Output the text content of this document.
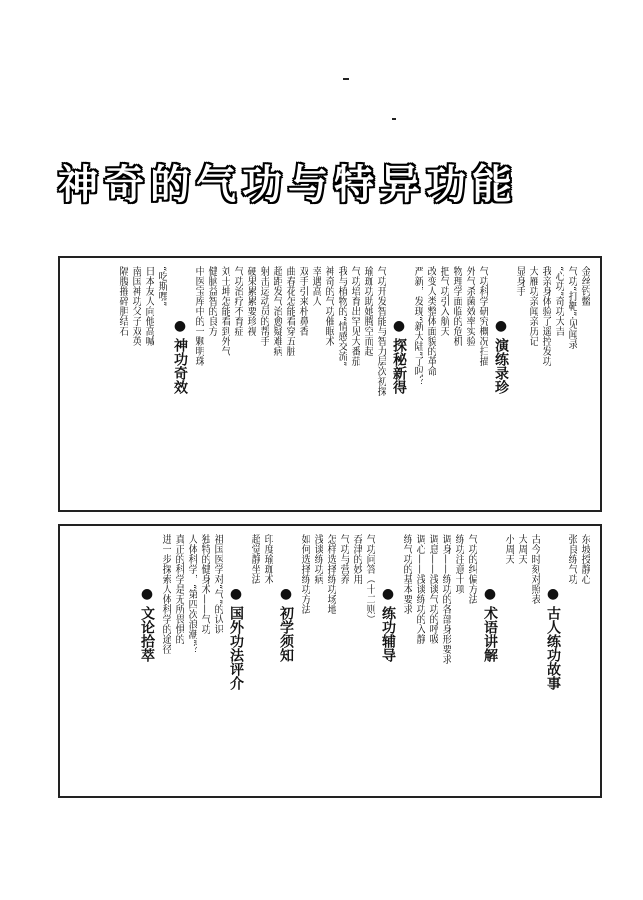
神奇的气功与特异功能
金丝钓鳖
气功“打靶”·见闻录
“心功”奇功大吉
我亲身体验了遥控发功
大雁功亲闻亲历记
显身手
● 演练录珍
气功科学研究概况扫描
外气杀菌效率实验
物理学面临的危机
把气功引入航天
改变人类整体面貌的革命
严新，发现“新大陆”了吗？
● 探秘新得
气功开发智能与智力层次初探
瑜珈功助她腾空而起
气功培育出罕见大番茄
我与植物的“情感交流”
神奇的气功催眠术
幸遇高人
双手引来朴鼻香
曲春花怎能看穿五脏
超距发气治愈疑难病
射击运动员的帮手
硬果累累要珍视
气功治疗不育症
刘士坤怎能看到外气
健脑益智的良方
中医宝库中的一颗明珠
● 神功奇效
“吃斯嘿”
日本友人向他高喊
南国神功父子双英
隔腹摧碎胆结石
东坡授静心
张良练气功
● 古人练功故事
古今时刻对照表
大周天
小周天
● 术语讲解
气功的纠偏方法
练功注意十项
调身——练功的各部身形要求
调息——浅谈气功的呼吸
调心——浅谈练功的入静
练气功的基本要求
● 练功辅导
气功问答（十二则）
吞津的妙用
气功与营养
怎样选择练功场地
浅谈练功病
如何选择练功方法
● 初学须知
印度瑜珈术
超觉静坐法
● 国外功法评介
祖国医学对“气”的认识
独特的健身术——气功
人体科学，“第四次浪潮”？
真正的科学是无所畏惧的
进一步探索人体科学的途径
● 文论拾萃
